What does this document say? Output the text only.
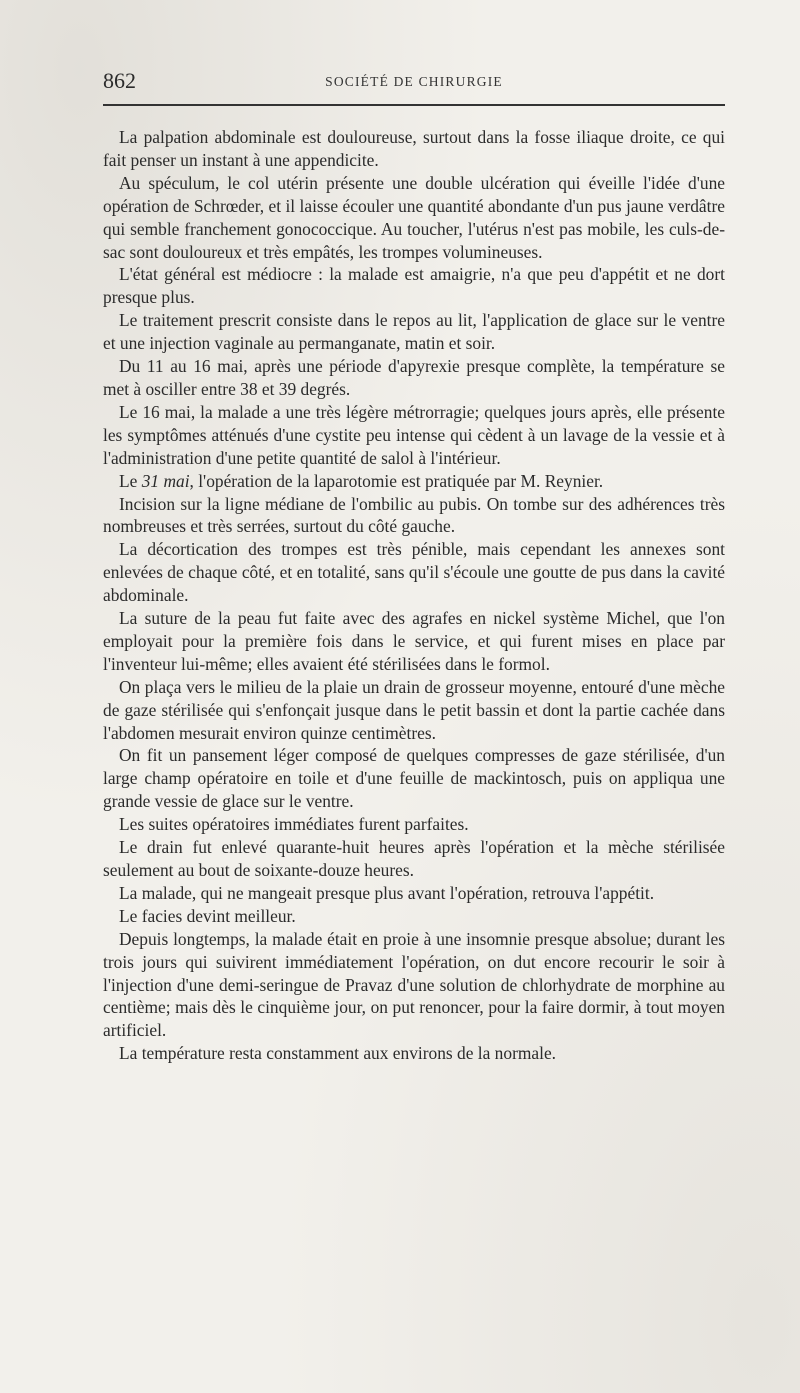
862	SOCIÉTÉ DE CHIRURGIE

La palpation abdominale est douloureuse, surtout dans la fosse iliaque droite, ce qui fait penser un instant à une appendicite.

Au spéculum, le col utérin présente une double ulcération qui éveille l'idée d'une opération de Schrœder, et il laisse écouler une quantité abondante d'un pus jaune verdâtre qui semble franchement gonococcique. Au toucher, l'utérus n'est pas mobile, les culs-de-sac sont douloureux et très empâtés, les trompes volumineuses.

L'état général est médiocre : la malade est amaigrie, n'a que peu d'appétit et ne dort presque plus.

Le traitement prescrit consiste dans le repos au lit, l'application de glace sur le ventre et une injection vaginale au permanganate, matin et soir.

Du 11 au 16 mai, après une période d'apyrexie presque complète, la température se met à osciller entre 38 et 39 degrés.

Le 16 mai, la malade a une très légère métrorragie; quelques jours après, elle présente les symptômes atténués d'une cystite peu intense qui cèdent à un lavage de la vessie et à l'administration d'une petite quantité de salol à l'intérieur.

Le 31 mai, l'opération de la laparotomie est pratiquée par M. Reynier.

Incision sur la ligne médiane de l'ombilic au pubis. On tombe sur des adhérences très nombreuses et très serrées, surtout du côté gauche.

La décortication des trompes est très pénible, mais cependant les annexes sont enlevées de chaque côté, et en totalité, sans qu'il s'écoule une goutte de pus dans la cavité abdominale.

La suture de la peau fut faite avec des agrafes en nickel système Michel, que l'on employait pour la première fois dans le service, et qui furent mises en place par l'inventeur lui-même; elles avaient été stérilisées dans le formol.

On plaça vers le milieu de la plaie un drain de grosseur moyenne, entouré d'une mèche de gaze stérilisée qui s'enfonçait jusque dans le petit bassin et dont la partie cachée dans l'abdomen mesurait environ quinze centimètres.

On fit un pansement léger composé de quelques compresses de gaze stérilisée, d'un large champ opératoire en toile et d'une feuille de mackintosch, puis on appliqua une grande vessie de glace sur le ventre.

Les suites opératoires immédiates furent parfaites.

Le drain fut enlevé quarante-huit heures après l'opération et la mèche stérilisée seulement au bout de soixante-douze heures.

La malade, qui ne mangeait presque plus avant l'opération, retrouva l'appétit.

Le facies devint meilleur.

Depuis longtemps, la malade était en proie à une insomnie presque absolue; durant les trois jours qui suivirent immédiatement l'opération, on dut encore recourir le soir à l'injection d'une demi-seringue de Pravaz d'une solution de chlorhydrate de morphine au centième; mais dès le cinquième jour, on put renoncer, pour la faire dormir, à tout moyen artificiel.

La température resta constamment aux environs de la normale.
